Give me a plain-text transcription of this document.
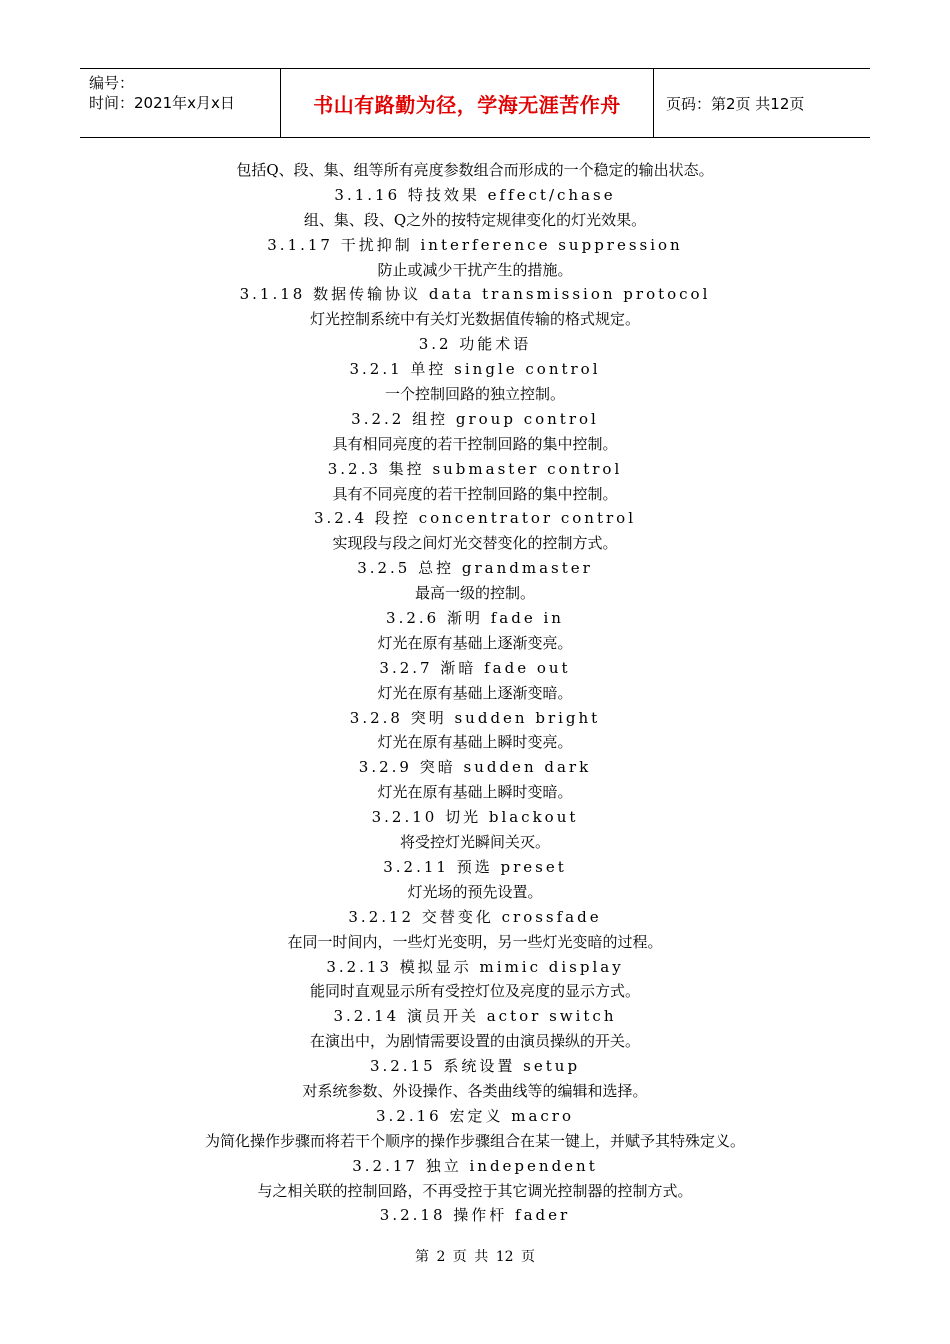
编号：
时间：2021年x月x日	书山有路勤为径，学海无涯苦作舟	页码：第2页 共12页
包括Q、段、集、组等所有亮度参数组合而形成的一个稳定的输出状态。
3.1.16 特技效果 effect/chase
组、集、段、Q之外的按特定规律变化的灯光效果。
3.1.17 干扰抑制 interference suppression
防止或减少干扰产生的措施。
3.1.18 数据传输协议 data transmission protocol
灯光控制系统中有关灯光数据值传输的格式规定。
3.2 功能术语
3.2.1 单控 single control
一个控制回路的独立控制。
3.2.2 组控 group control
具有相同亮度的若干控制回路的集中控制。
3.2.3 集控 submaster control
具有不同亮度的若干控制回路的集中控制。
3.2.4 段控 concentrator control
实现段与段之间灯光交替变化的控制方式。
3.2.5 总控 grandmaster
最高一级的控制。
3.2.6 渐明 fade in
灯光在原有基础上逐渐变亮。
3.2.7 渐暗 fade out
灯光在原有基础上逐渐变暗。
3.2.8 突明 sudden bright
灯光在原有基础上瞬时变亮。
3.2.9 突暗 sudden dark
灯光在原有基础上瞬时变暗。
3.2.10 切光 blackout
将受控灯光瞬间关灭。
3.2.11 预选 preset
灯光场的预先设置。
3.2.12 交替变化 crossfade
在同一时间内，一些灯光变明，另一些灯光变暗的过程。
3.2.13 模拟显示 mimic display
能同时直观显示所有受控灯位及亮度的显示方式。
3.2.14 演员开关 actor switch
在演出中，为剧情需要设置的由演员操纵的开关。
3.2.15 系统设置 setup
对系统参数、外设操作、各类曲线等的编辑和选择。
3.2.16 宏定义 macro
为简化操作步骤而将若干个顺序的操作步骤组合在某一键上，并赋予其特殊定义。
3.2.17 独立 independent
与之相关联的控制回路，不再受控于其它调光控制器的控制方式。
3.2.18 操作杆 fader
第 2 页 共 12 页
